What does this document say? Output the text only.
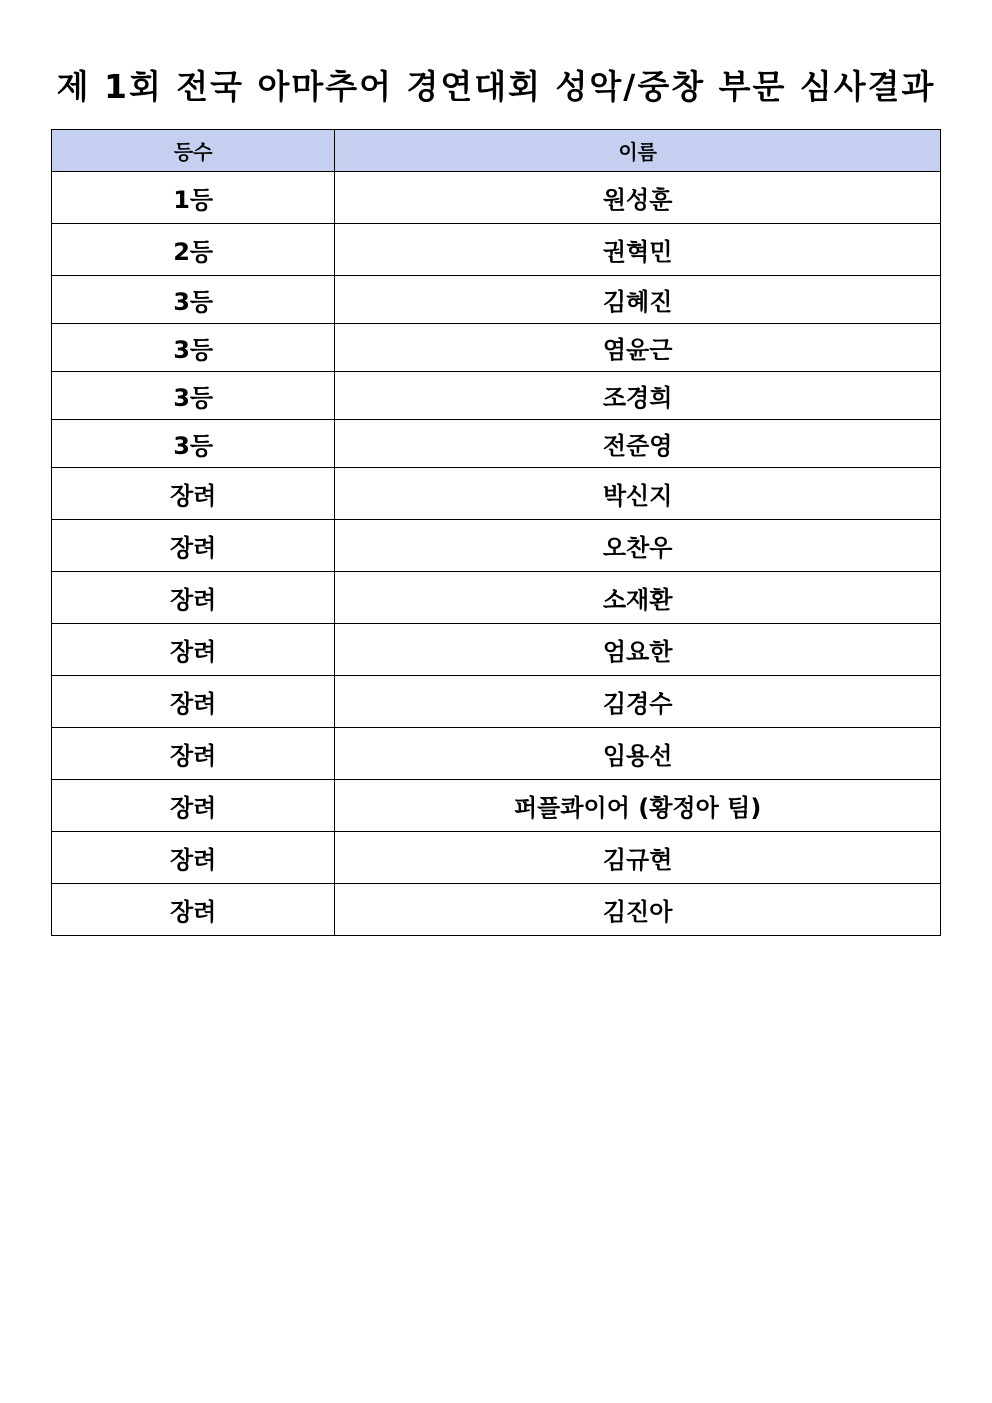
제 1회 전국 아마추어 경연대회 성악/중창 부문 심사결과
등수	이름
1등	원성훈
2등	권혁민
3등	김혜진
3등	염윤근
3등	조경희
3등	전준영
장려	박신지
장려	오찬우
장려	소재환
장려	엄요한
장려	김경수
장려	임용선
장려	퍼플콰이어 (황정아 팀)
장려	김규현
장려	김진아
